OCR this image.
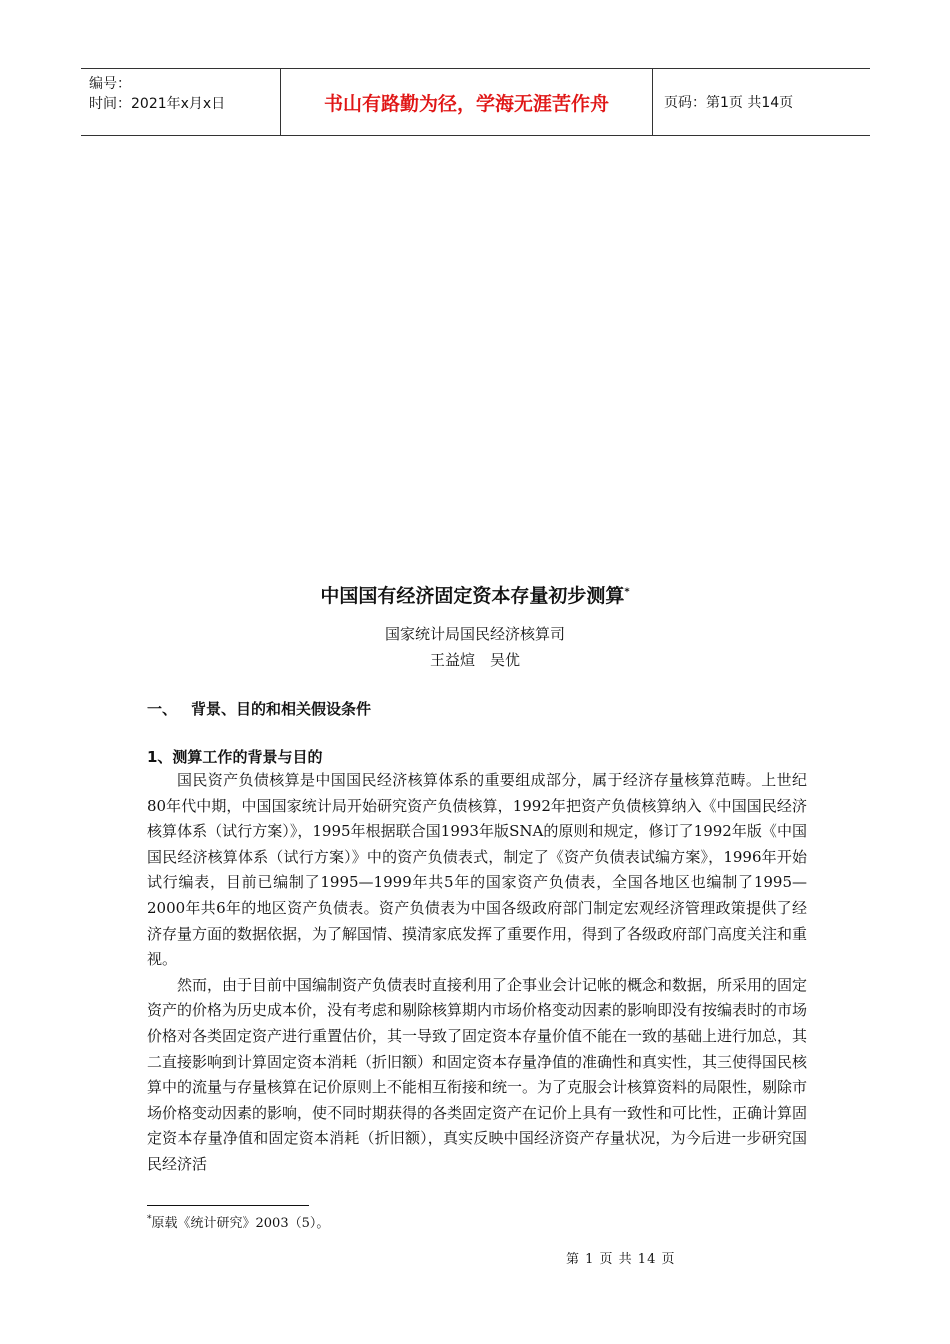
编号：
时间：2021年x月x日	书山有路勤为径，学海无涯苦作舟	页码：第1页 共14页
中国国有经济固定资本存量初步测算*
国家统计局国民经济核算司
王益煊　吴优
一、 背景、目的和相关假设条件
1、测算工作的背景与目的

国民资产负债核算是中国国民经济核算体系的重要组成部分，属于经济存量核算范畴。上世纪80年代中期，中国国家统计局开始研究资产负债核算，1992年把资产负债核算纳入《中国国民经济核算体系（试行方案）》，1995年根据联合国1993年版SNA的原则和规定，修订了1992年版《中国国民经济核算体系（试行方案）》中的资产负债表式，制定了《资产负债表试编方案》，1996年开始试行编表，目前已编制了1995—1999年共5年的国家资产负债表，全国各地区也编制了1995—2000年共6年的地区资产负债表。资产负债表为中国各级政府部门制定宏观经济管理政策提供了经济存量方面的数据依据，为了解国情、摸清家底发挥了重要作用，得到了各级政府部门高度关注和重视。

然而，由于目前中国编制资产负债表时直接利用了企事业会计记帐的概念和数据，所采用的固定资产的价格为历史成本价，没有考虑和剔除核算期内市场价格变动因素的影响即没有按编表时的市场价格对各类固定资产进行重置估价，其一导致了固定资本存量价值不能在一致的基础上进行加总，其二直接影响到计算固定资本消耗（折旧额）和固定资本存量净值的准确性和真实性，其三使得国民核算中的流量与存量核算在记价原则上不能相互衔接和统一。为了克服会计核算资料的局限性，剔除市场价格变动因素的影响，使不同时期获得的各类固定资产在记价上具有一致性和可比性，正确计算固定资本存量净值和固定资本消耗（折旧额），真实反映中国经济资产存量状况，为今后进一步研究国民经济活

*原载《统计研究》2003（5）。
第 1 页 共 14 页
